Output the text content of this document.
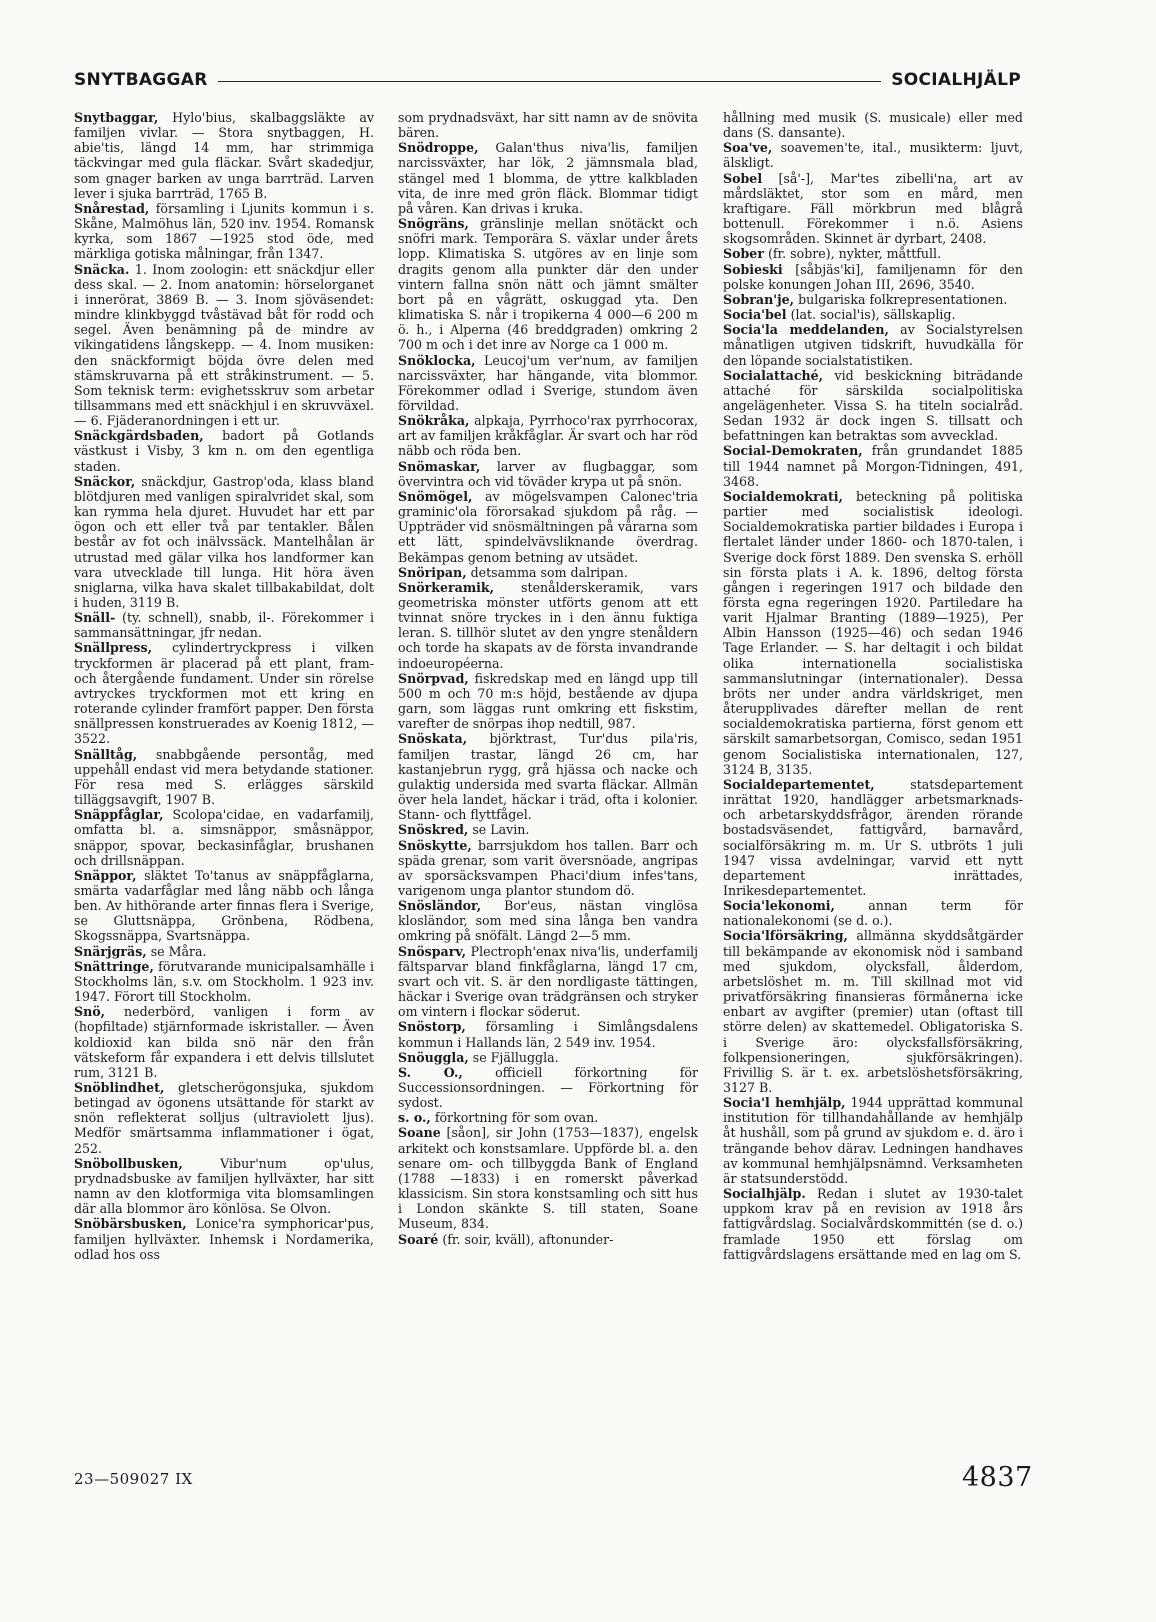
SNYTBAGGAR	SOCIALHJÄLP

Snytbaggar, Hylo'bius, skalbaggsläkte av familjen vivlar. — Stora snytbaggen, H. abie'tis, längd 14 mm, har strimmiga täckvingar med gula fläckar. Svårt skadedjur, som gnager barken av unga barrträd. Larven lever i sjuka barrträd, 1765 B.

Snårestad, församling i Ljunits kommun i s. Skåne, Malmöhus län, 520 inv. 1954. Romansk kyrka, som 1867 —1925 stod öde, med märkliga gotiska målningar, från 1347.

Snäcka. 1. Inom zoologin: ett snäckdjur eller dess skal. — 2. Inom anatomin: hörselorganet i innerörat, 3869 B. — 3. Inom sjöväsendet: mindre klinkbyggd tvåstävad båt för rodd och segel. Även benämning på de mindre av vikingatidens långskepp. — 4. Inom musiken: den snäckformigt böjda övre delen med stämskruvarna på ett stråkinstrument. — 5. Som teknisk term: evighetsskruv som arbetar tillsammans med ett snäckhjul i en skruvväxel. — 6. Fjäderanordningen i ett ur.

Snäckgärdsbaden, badort på Gotlands västkust i Visby, 3 km n. om den egentliga staden.

Snäckor, snäckdjur, Gastrop'oda, klass bland blötdjuren med vanligen spiralvridet skal, som kan rymma hela djuret. Huvudet har ett par ögon och ett eller två par tentakler. Bålen består av fot och inälvssäck. Mantelhålan är utrustad med gälar vilka hos landformer kan vara utvecklade till lunga. Hit höra även sniglarna, vilka hava skalet tillbakabildat, dolt i huden, 3119 B.

Snäll- (ty. schnell), snabb, il-. Förekommer i sammansättningar, jfr nedan.

Snällpress, cylindertryckpress i vilken tryckformen är placerad på ett plant, fram- och återgående fundament. Under sin rörelse avtryckes tryckformen mot ett kring en roterande cylinder framfört papper. Den första snällpressen konstruerades av Koenig 1812, — 3522.

Snälltåg, snabbgående persontåg, med uppehåll endast vid mera betydande stationer. För resa med S. erlägges särskild tilläggsavgift, 1907 B.

Snäppfåglar, Scolopa'cidae, en vadarfamilj, omfatta bl. a. simsnäppor, småsnäppor, snäppor, spovar, beckasinfåglar, brushanen och drillsnäppan.

Snäppor, släktet To'tanus av snäppfåglarna, smärta vadarfåglar med lång näbb och långa ben. Av hithörande arter finnas flera i Sverige, se Gluttsnäppa, Grönbena, Rödbena, Skogssnäppa, Svartsnäppa.

Snärjgräs, se Måra.

Snättringe, förutvarande municipalsamhälle i Stockholms län, s.v. om Stockholm. 1 923 inv. 1947. Förort till Stockholm.

Snö, nederbörd, vanligen i form av (hopfiltade) stjärnformade iskristaller. — Även koldioxid kan bilda snö när den från vätskeform får expandera i ett delvis tillslutet rum, 3121 B.

Snöblindhet, gletscherögonsjuka, sjukdom betingad av ögonens utsättande för starkt av snön reflekterat solljus (ultraviolett ljus). Medför smärtsamma inflammationer i ögat, 252.

Snöbollbusken, Vibur'num op'ulus, prydnadsbuske av familjen hyllväxter, har sitt namn av den klotformiga vita blomsamlingen där alla blommor äro könlösa. Se Olvon.

Snöbärsbusken, Lonice'ra symphoricar'pus, familjen hyllväxter. Inhemsk i Nordamerika, odlad hos oss

som prydnadsväxt, har sitt namn av de snövita bären.

Snödroppe, Galan'thus niva'lis, familjen narcissväxter, har lök, 2 jämnsmala blad, stängel med 1 blomma, de yttre kalkbladen vita, de inre med grön fläck. Blommar tidigt på våren. Kan drivas i kruka.

Snögräns, gränslinje mellan snötäckt och snöfri mark. Temporära S. växlar under årets lopp. Klimatiska S. utgöres av en linje som dragits genom alla punkter där den under vintern fallna snön nätt och jämnt smälter bort på en vågrätt, oskuggad yta. Den klimatiska S. når i tropikerna 4 000—6 200 m ö. h., i Alperna (46 breddgraden) omkring 2 700 m och i det inre av Norge ca 1 000 m.

Snöklocka, Leucoj'um ver'num, av familjen narcissväxter, har hängande, vita blommor. Förekommer odlad i Sverige, stundom även förvildad.

Snökråka, alpkaja, Pyrrhoco'rax pyrrhocorax, art av familjen kråkfåglar. Är svart och har röd näbb och röda ben.

Snömaskar, larver av flugbaggar, som övervintra och vid töväder krypa ut på snön.

Snömögel, av mögelsvampen Calonec'tria graminic'ola förorsakad sjukdom på råg. — Uppträder vid snösmältningen på vårarna som ett lätt, spindelvävsliknande överdrag. Bekämpas genom betning av utsädet.

Snöripan, detsamma som dalripan.

Snörkeramik, stenålderskeramik, vars geometriska mönster utförts genom att ett tvinnat snöre tryckes in i den ännu fuktiga leran. S. tillhör slutet av den yngre stenåldern och torde ha skapats av de första invandrande indoeuropéerna.

Snörpvad, fiskredskap med en längd upp till 500 m och 70 m:s höjd, bestående av djupa garn, som läggas runt omkring ett fiskstim, varefter de snörpas ihop nedtill, 987.

Snöskata, björktrast, Tur'dus pila'ris, familjen trastar, längd 26 cm, har kastanjebrun rygg, grå hjässa och nacke och gulaktig undersida med svarta fläckar. Allmän över hela landet, häckar i träd, ofta i kolonier. Stann- och flyttfågel.

Snöskred, se Lavin.

Snöskytte, barrsjukdom hos tallen. Barr och späda grenar, som varit översnöade, angripas av sporsäcksvampen Phaci'dium infes'tans, varigenom unga plantor stundom dö.

Snösländor, Bor'eus, nästan vinglösa klosländor, som med sina långa ben vandra omkring på snöfält. Längd 2—5 mm.

Snösparv, Plectroph'enax niva'lis, underfamilj fältsparvar bland finkfåglarna, längd 17 cm, svart och vit. S. är den nordligaste tättingen, häckar i Sverige ovan trädgränsen och stryker om vintern i flockar söderut.

Snöstorp, församling i Simlångsdalens kommun i Hallands län, 2 549 inv. 1954.

Snöuggla, se Fjälluggla.

S. O., officiell förkortning för Successionsordningen. — Förkortning för sydost.

s. o., förkortning för som ovan.

Soane [såon], sir John (1753—1837), engelsk arkitekt och konstsamlare. Uppförde bl. a. den senare om- och tillbyggda Bank of England (1788 —1833) i en romerskt påverkad klassicism. Sin stora konstsamling och sitt hus i London skänkte S. till staten, Soane Museum, 834.

Soaré (fr. soir, kväll), aftonunder-

hållning med musik (S. musicale) eller med dans (S. dansante).

Soa've, soavemen'te, ital., musikterm: ljuvt, älskligt.

Sobel [så'-], Mar'tes zibelli'na, art av mårdsläktet, stor som en mård, men kraftigare. Fäll mörkbrun med blågrå bottenull. Förekommer i n.ö. Asiens skogsområden. Skinnet är dyrbart, 2408.

Sober (fr. sobre), nykter, måttfull.

Sobieski [såbjäs'ki], familjenamn för den polske konungen Johan III, 2696, 3540.

Sobran'je, bulgariska folkrepresentationen.

Socia'bel (lat. social'is), sällskaplig.

Socia'la meddelanden, av Socialstyrelsen månatligen utgiven tidskrift, huvudkälla för den löpande socialstatistiken.

Socialattaché, vid beskickning biträdande attaché för särskilda socialpolitiska angelägenheter. Vissa S. ha titeln socialråd. Sedan 1932 är dock ingen S. tillsatt och befattningen kan betraktas som avvecklad.

Social-Demokraten, från grundandet 1885 till 1944 namnet på Morgon-Tidningen, 491, 3468.

Socialdemokrati, beteckning på politiska partier med socialistisk ideologi. Socialdemokratiska partier bildades i Europa i flertalet länder under 1860- och 1870-talen, i Sverige dock först 1889. Den svenska S. erhöll sin första plats i A. k. 1896, deltog första gången i regeringen 1917 och bildade den första egna regeringen 1920. Partiledare ha varit Hjalmar Branting (1889—1925), Per Albin Hansson (1925—46) och sedan 1946 Tage Erlander. — S. har deltagit i och bildat olika internationella socialistiska sammanslutningar (internationaler). Dessa bröts ner under andra världskriget, men återupplivades därefter mellan de rent socialdemokratiska partierna, först genom ett särskilt samarbetsorgan, Comisco, sedan 1951 genom Socialistiska internationalen, 127, 3124 B, 3135.

Socialdepartementet, statsdepartement inrättat 1920, handlägger arbetsmarknads- och arbetarskyddsfrågor, ärenden rörande bostadsväsendet, fattigvård, barnavård, socialförsäkring m. m. Ur S. utbröts 1 juli 1947 vissa avdelningar, varvid ett nytt departement inrättades, Inrikesdepartementet.

Socia'lekonomi, annan term för nationalekonomi (se d. o.).

Socia'lförsäkring, allmänna skyddsåtgärder till bekämpande av ekonomisk nöd i samband med sjukdom, olycksfall, ålderdom, arbetslöshet m. m. Till skillnad mot vid privatförsäkring finansieras förmånerna icke enbart av avgifter (premier) utan (oftast till större delen) av skattemedel. Obligatoriska S. i Sverige äro: olycksfallsförsäkring, folkpensioneringen, sjukförsäkringen). Frivillig S. är t. ex. arbetslöshetsförsäkring, 3127 B.

Socia'l hemhjälp, 1944 upprättad kommunal institution för tillhandahållande av hemhjälp åt hushåll, som på grund av sjukdom e. d. äro i trängande behov därav. Ledningen handhaves av kommunal hemhjälpsnämnd. Verksamheten är statsunderstödd.

Socialhjälp. Redan i slutet av 1930-talet uppkom krav på en revision av 1918 års fattigvårdslag. Socialvårdskommittén (se d. o.) framlade 1950 ett förslag om fattigvårdslagens ersättande med en lag om S.

23—509027 IX	4837
